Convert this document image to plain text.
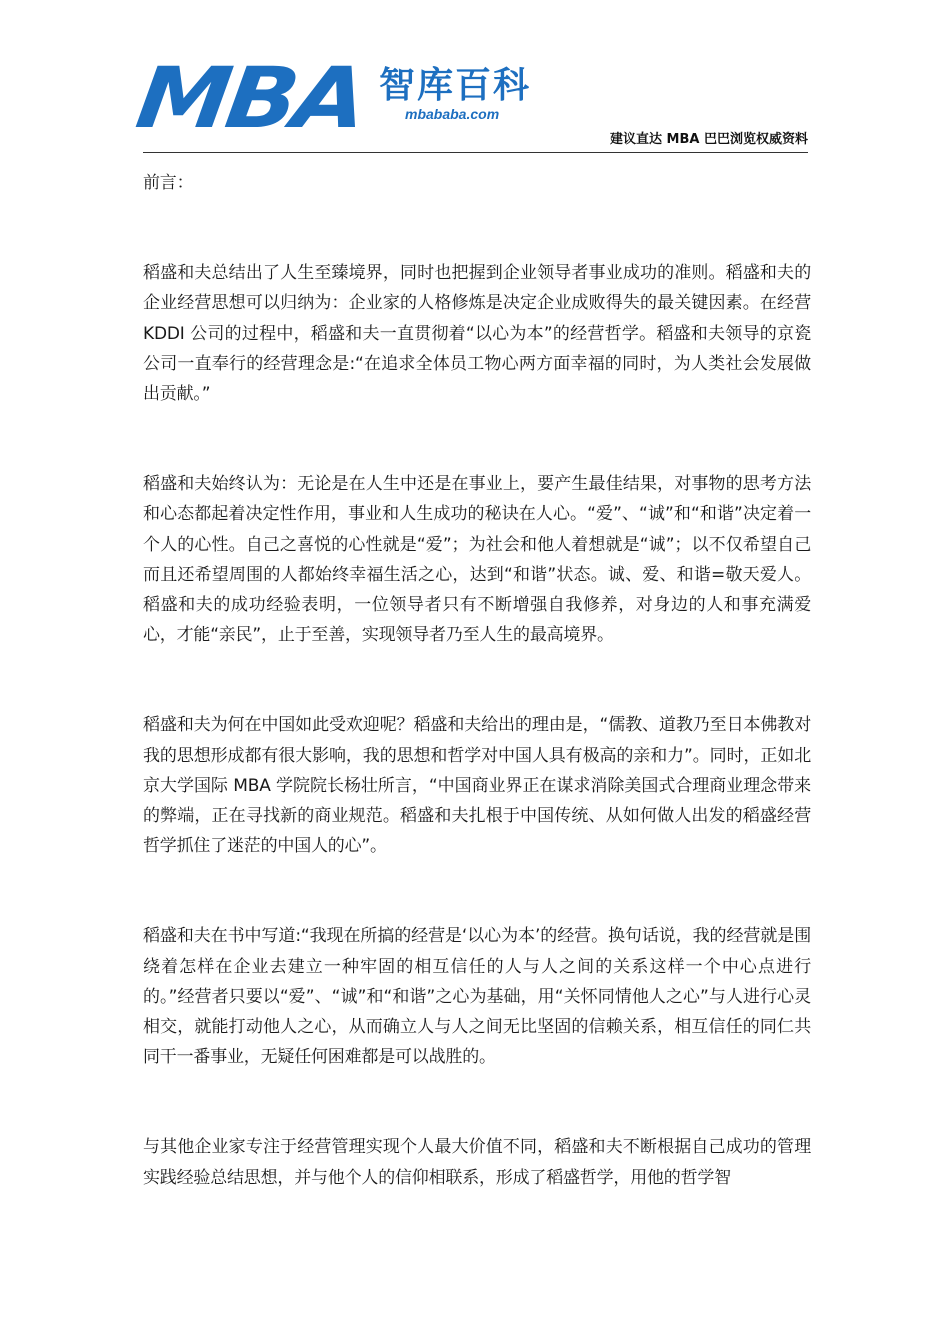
MBA 智库百科
mbababa.com
建议直达 MBA 巴巴浏览权威资料

前言：

稻盛和夫总结出了人生至臻境界，同时也把握到企业领导者事业成功的准则。稻盛和夫的企业经营思想可以归纳为：企业家的人格修炼是决定企业成败得失的最关键因素。在经营 KDDI 公司的过程中，稻盛和夫一直贯彻着“以心为本”的经营哲学。稻盛和夫领导的京瓷公司一直奉行的经营理念是:“在追求全体员工物心两方面幸福的同时，为人类社会发展做出贡献。”

稻盛和夫始终认为：无论是在人生中还是在事业上，要产生最佳结果，对事物的思考方法和心态都起着决定性作用，事业和人生成功的秘诀在人心。“爱”、“诚”和“和谐”决定着一个人的心性。自己之喜悦的心性就是“爱”；为社会和他人着想就是“诚”；以不仅希望自己而且还希望周围的人都始终幸福生活之心，达到“和谐”状态。诚、爱、和谐=敬天爱人。稻盛和夫的成功经验表明，一位领导者只有不断增强自我修养，对身边的人和事充满爱心，才能“亲民”，止于至善，实现领导者乃至人生的最高境界。

稻盛和夫为何在中国如此受欢迎呢？稻盛和夫给出的理由是，“儒教、道教乃至日本佛教对我的思想形成都有很大影响，我的思想和哲学对中国人具有极高的亲和力”。同时，正如北京大学国际 MBA 学院院长杨壮所言，“中国商业界正在谋求消除美国式合理商业理念带来的弊端，正在寻找新的商业规范。稻盛和夫扎根于中国传统、从如何做人出发的稻盛经营哲学抓住了迷茫的中国人的心”。

稻盛和夫在书中写道:“我现在所搞的经营是‘以心为本’的经营。换句话说，我的经营就是围绕着怎样在企业去建立一种牢固的相互信任的人与人之间的关系这样一个中心点进行的。”经营者只要以“爱”、“诚”和“和谐”之心为基础，用“关怀同情他人之心”与人进行心灵相交，就能打动他人之心，从而确立人与人之间无比坚固的信赖关系，相互信任的同仁共同干一番事业，无疑任何困难都是可以战胜的。

与其他企业家专注于经营管理实现个人最大价值不同，稻盛和夫不断根据自己成功的管理实践经验总结思想，并与他个人的信仰相联系，形成了稻盛哲学，用他的哲学智
